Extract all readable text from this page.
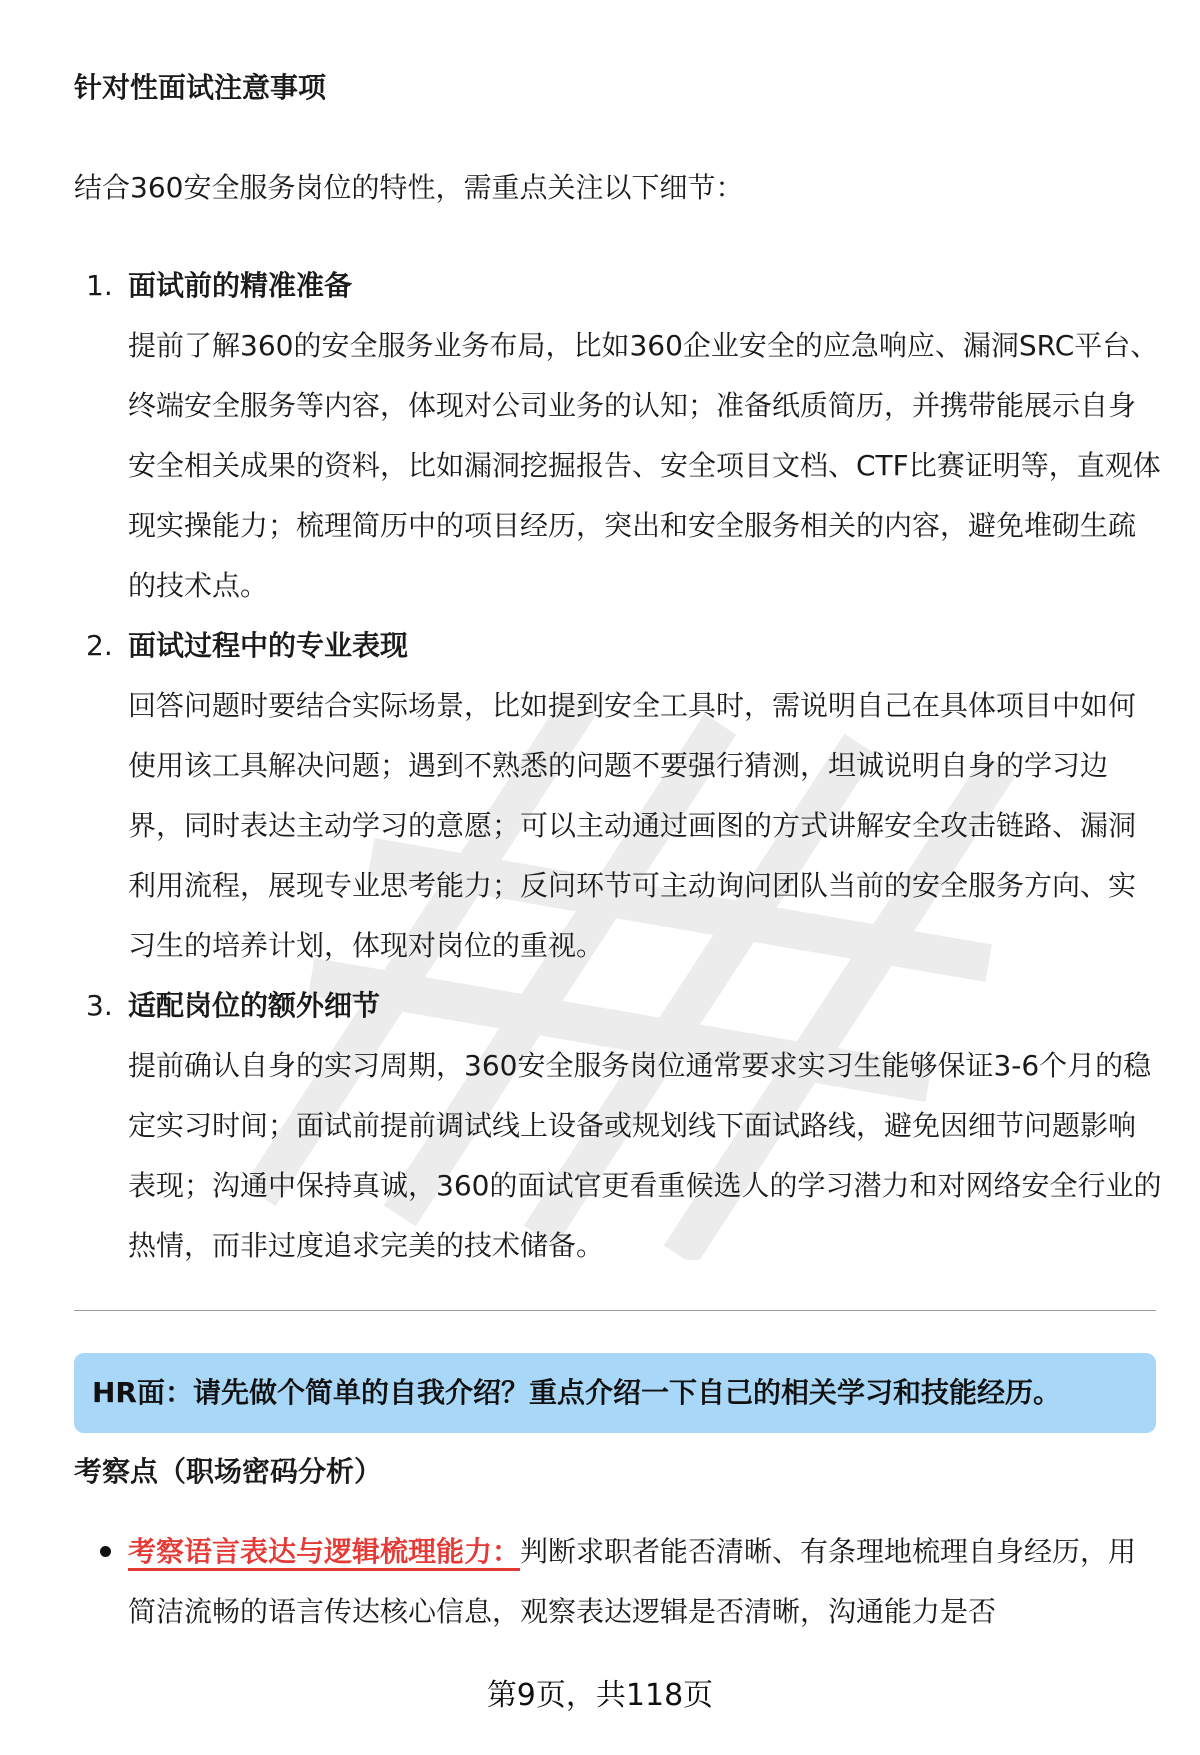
针对性面试注意事项
结合360安全服务岗位的特性，需重点关注以下细节：
1. 面试前的精准准备
提前了解360的安全服务业务布局，比如360企业安全的应急响应、漏洞SRC平台、终端安全服务等内容，体现对公司业务的认知；准备纸质简历，并携带能展示自身安全相关成果的资料，比如漏洞挖掘报告、安全项目文档、CTF比赛证明等，直观体现实操能力；梳理简历中的项目经历，突出和安全服务相关的内容，避免堆砌生疏的技术点。
2. 面试过程中的专业表现
回答问题时要结合实际场景，比如提到安全工具时，需说明自己在具体项目中如何使用该工具解决问题；遇到不熟悉的问题不要强行猜测，坦诚说明自身的学习边界，同时表达主动学习的意愿；可以主动通过画图的方式讲解安全攻击链路、漏洞利用流程，展现专业思考能力；反问环节可主动询问团队当前的安全服务方向、实习生的培养计划，体现对岗位的重视。
3. 适配岗位的额外细节
提前确认自身的实习周期，360安全服务岗位通常要求实习生能够保证3-6个月的稳定实习时间；面试前提前调试线上设备或规划线下面试路线，避免因细节问题影响表现；沟通中保持真诚，360的面试官更看重候选人的学习潜力和对网络安全行业的热情，而非过度追求完美的技术储备。
HR面：请先做个简单的自我介绍？重点介绍一下自己的相关学习和技能经历。
考察点（职场密码分析）
考察语言表达与逻辑梳理能力：判断求职者能否清晰、有条理地梳理自身经历，用简洁流畅的语言传达核心信息，观察表达逻辑是否清晰，沟通能力是否
第9页，共118页
